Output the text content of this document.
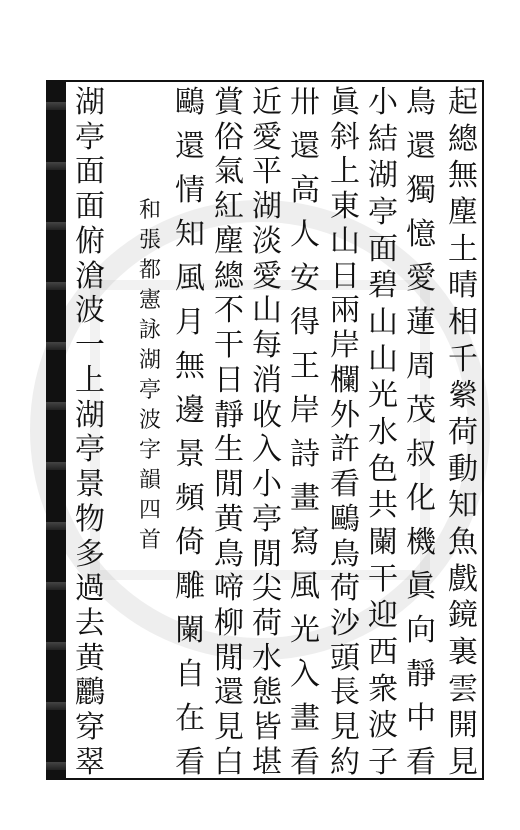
起
總
無
塵
土
晴
相
千
縈
荷
動
知
魚
戲
鏡
裏
雲
開
見
鳥
還
獨
憶
愛
蓮
周
茂
叔
化
機
眞
向
靜
中
看
小
結
湖
亭
面
碧
山
山
光
水
色
共
闌
干
迎
西
衆
波
子
眞
斜
上
東
山
日
兩
岸
欄
外
許
看
鷗
鳥
荷
沙
頭
長
見
約
卅
還
高
人
安
得
王
岸
詩
畫
寫
風
光
入
畫
看
近
愛
平
湖
淡
愛
山
每
消
收
入
小
亭
閒
尖
荷
水
態
皆
堪
賞
俗
氣
紅
塵
總
不
干
日
靜
生
閒
黄
鳥
啼
柳
閒
還
見
白
鷗
還
情
知
風
月
無
邊
景
頻
倚
雕
闌
自
在
看
和
張
都
憲
詠
湖
亭
波
字
韻
四
首
湖
亭
面
面
俯
滄
波
一
上
湖
亭
景
物
多
過
去
黄
鸝
穿
翠
